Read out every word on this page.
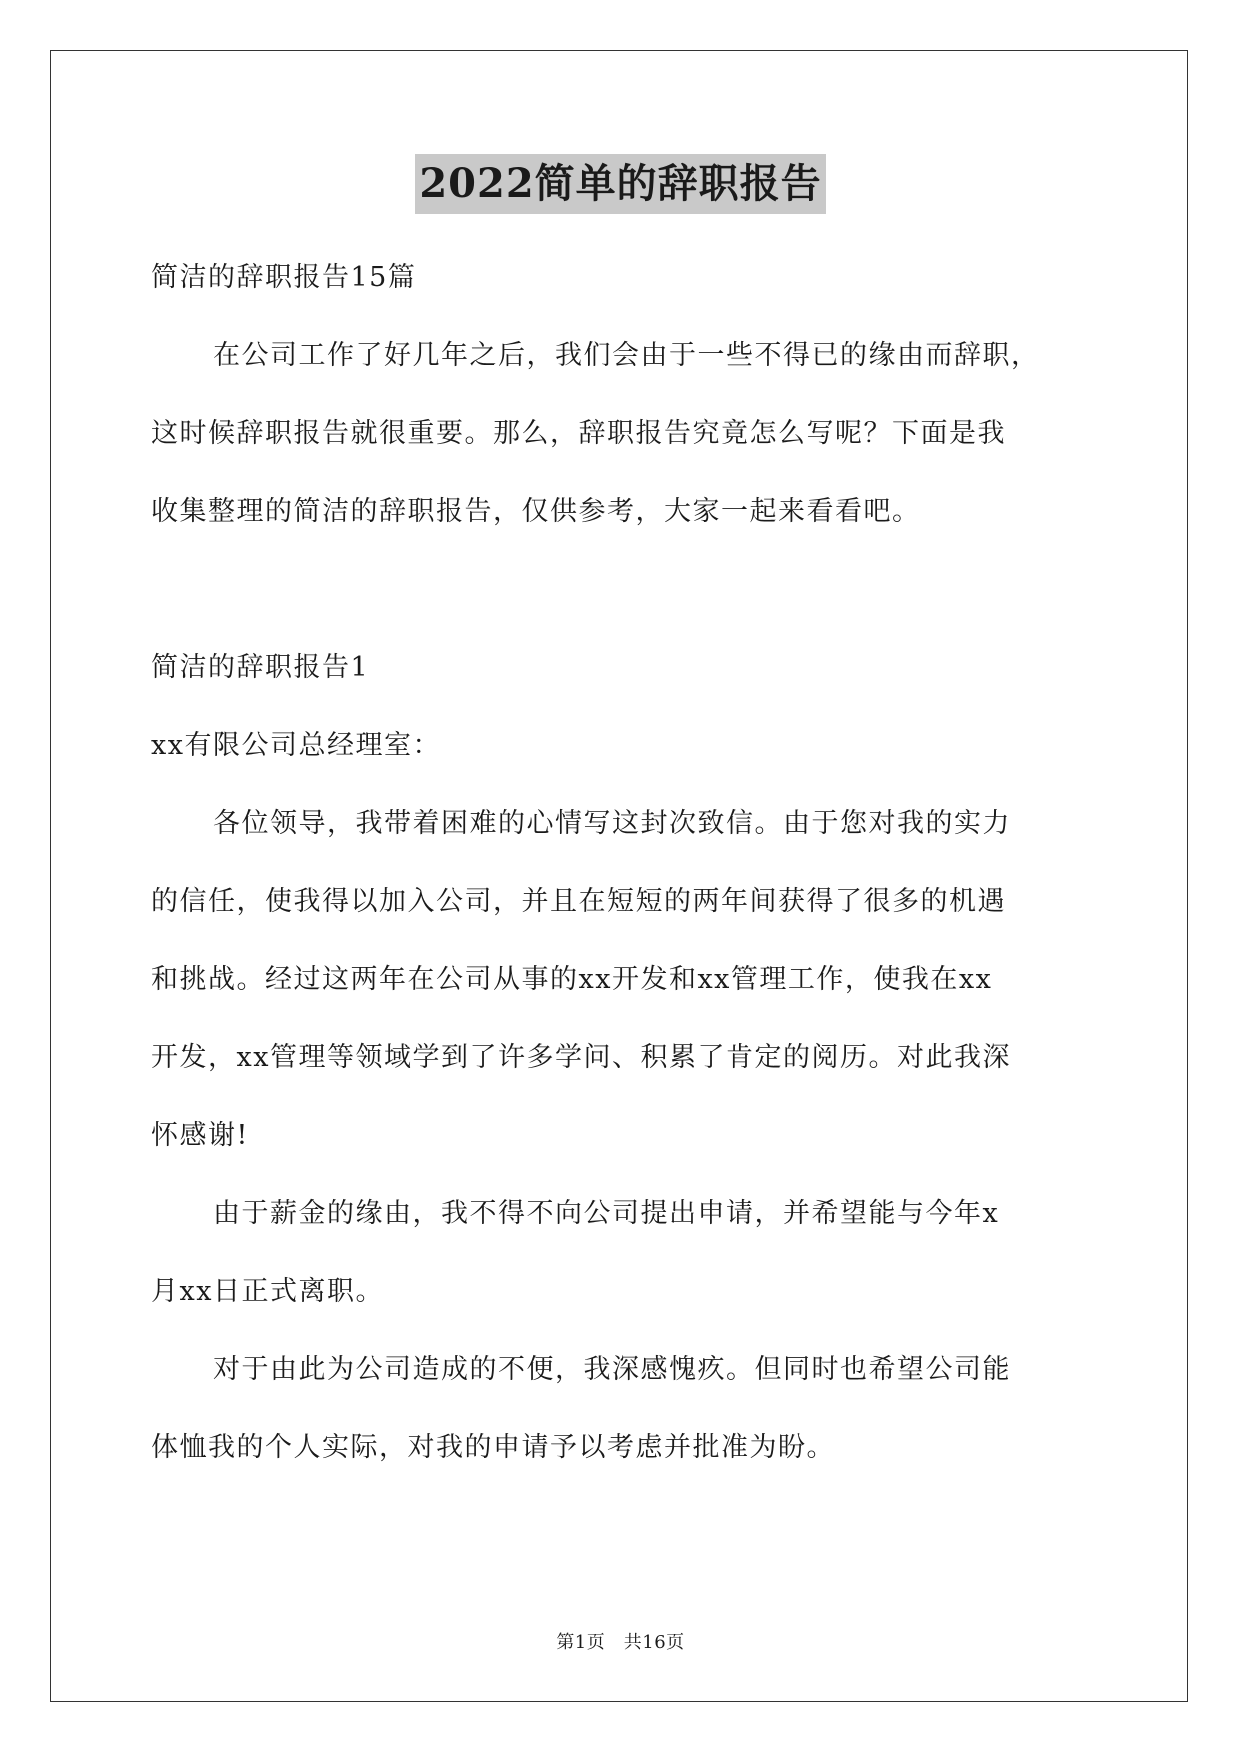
2022简单的辞职报告
简洁的辞职报告15篇
在公司工作了好几年之后，我们会由于一些不得已的缘由而辞职，
这时候辞职报告就很重要。那么，辞职报告究竟怎么写呢？下面是我
收集整理的简洁的辞职报告，仅供参考，大家一起来看看吧。
简洁的辞职报告1
xx有限公司总经理室：
各位领导，我带着困难的心情写这封次致信。由于您对我的实力
的信任，使我得以加入公司，并且在短短的两年间获得了很多的机遇
和挑战。经过这两年在公司从事的xx开发和xx管理工作，使我在xx
开发，xx管理等领域学到了许多学问、积累了肯定的阅历。对此我深
怀感谢!
由于薪金的缘由，我不得不向公司提出申请，并希望能与今年x
月xx日正式离职。
对于由此为公司造成的不便，我深感愧疚。但同时也希望公司能
体恤我的个人实际，对我的申请予以考虑并批准为盼。
第1页　共16页
